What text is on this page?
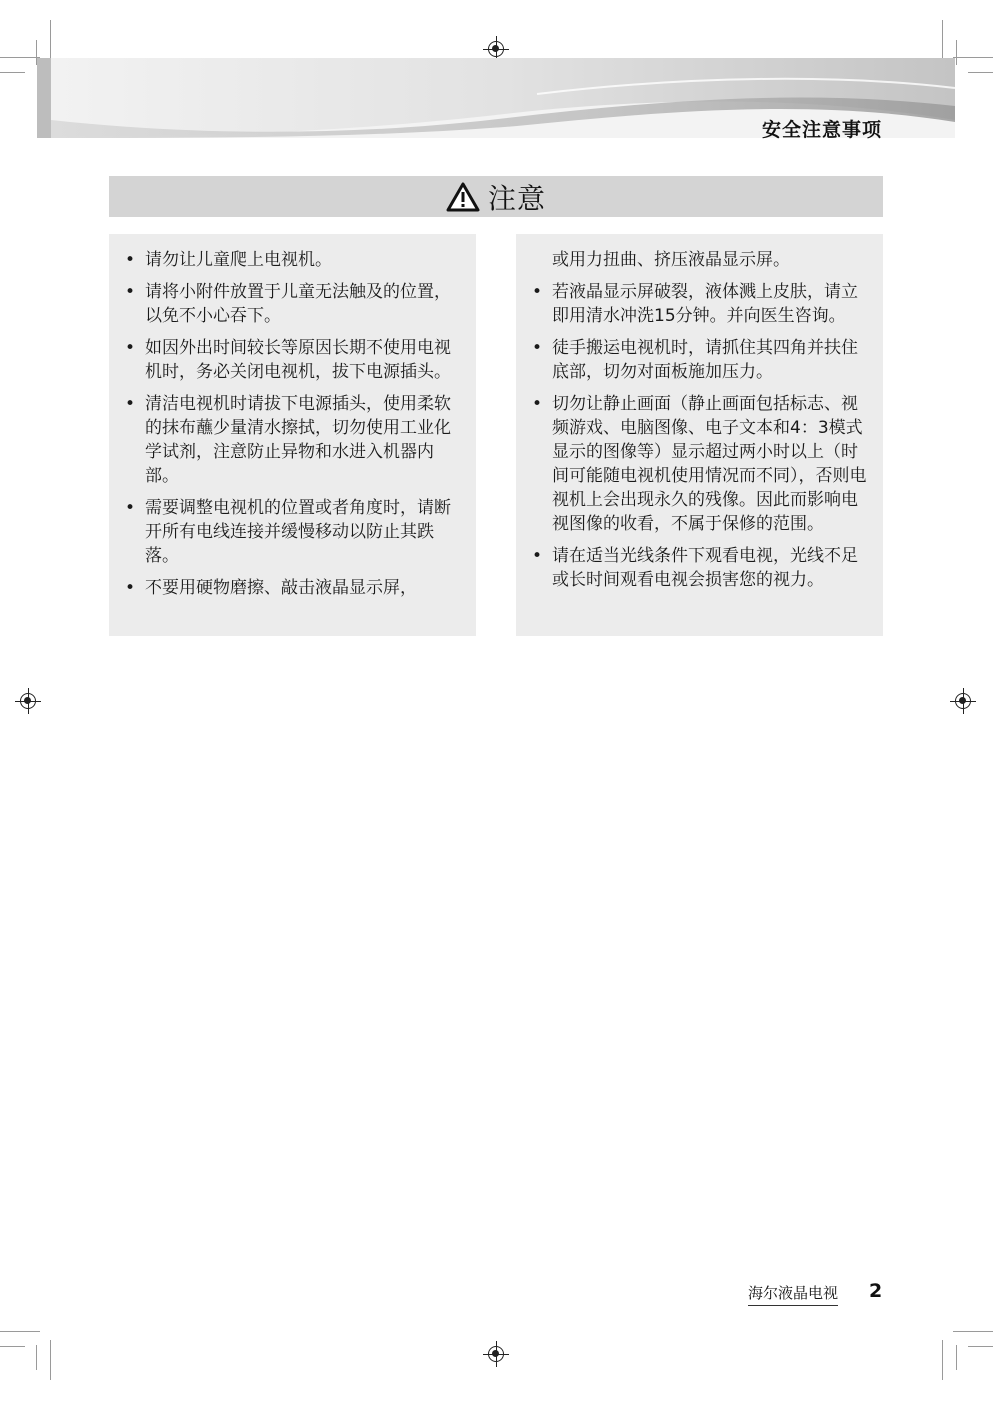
安全注意事项
注意
• 请勿让儿童爬上电视机。
• 请将小附件放置于儿童无法触及的位置，以免不小心吞下。
• 如因外出时间较长等原因长期不使用电视机时，务必关闭电视机，拔下电源插头。
• 清洁电视机时请拔下电源插头，使用柔软的抹布蘸少量清水擦拭，切勿使用工业化学试剂，注意防止异物和水进入机器内部。
• 需要调整电视机的位置或者角度时，请断开所有电线连接并缓慢移动以防止其跌落。
• 不要用硬物磨擦、敲击液晶显示屏，
或用力扭曲、挤压液晶显示屏。
• 若液晶显示屏破裂，液体溅上皮肤，请立即用清水冲洗15分钟。并向医生咨询。
• 徒手搬运电视机时，请抓住其四角并扶住底部，切勿对面板施加压力。
• 切勿让静止画面（静止画面包括标志、视频游戏、电脑图像、电子文本和4：3模式显示的图像等）显示超过两小时以上（时间可能随电视机使用情况而不同），否则电视机上会出现永久的残像。因此而影响电视图像的收看，不属于保修的范围。
• 请在适当光线条件下观看电视，光线不足或长时间观看电视会损害您的视力。
海尔液晶电视 2
